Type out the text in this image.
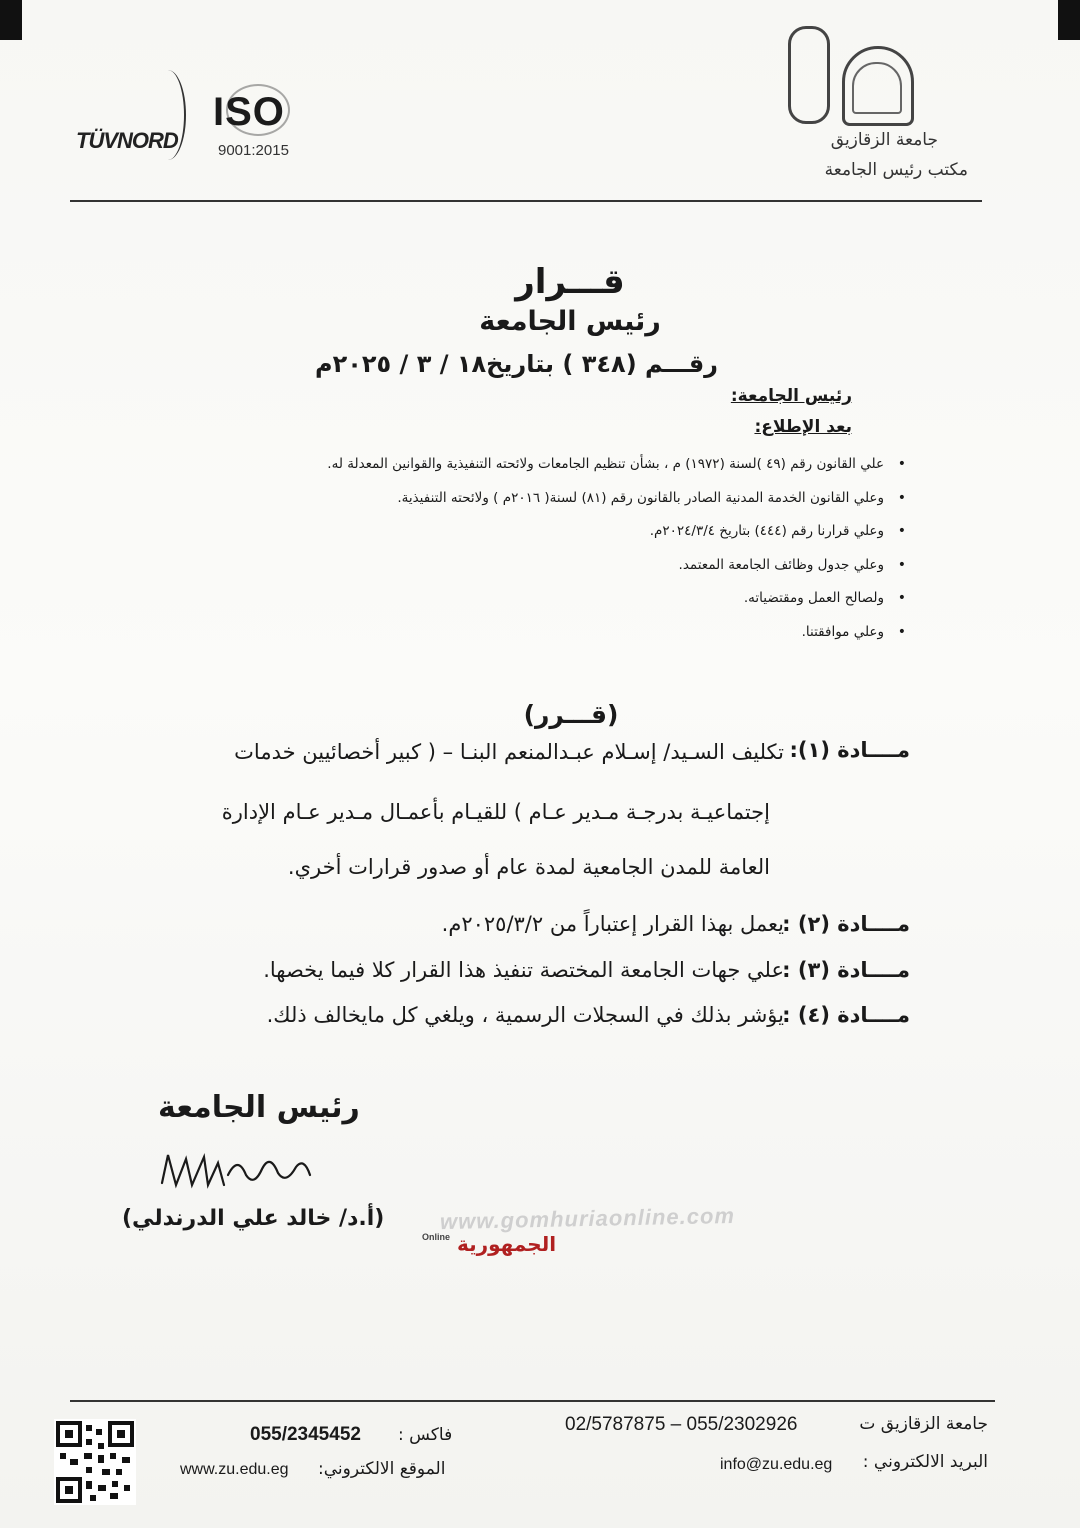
TÜVNORD
ISO
9001:2015
جامعة الزقازيق
مكتب رئيس الجامعة
قـــرار
رئيس الجامعة
رقـــم (٣٤٨ ) بتاريخ١٨ / ٣ / ٢٠٢٥م
رئيس الجامعة:
بعد الإطلاع:
• علي القانون رقم (٤٩ )لسنة (١٩٧٢) م ، بشأن تنظيم الجامعات ولائحته التنفيذية والقوانين المعدلة له.
• وعلي القانون الخدمة المدنية الصادر بالقانون رقم (٨١) لسنة( ٢٠١٦م ) ولائحته التنفيذية.
• وعلي قرارنا رقم (٤٤٤) بتاريخ ٢٠٢٤/٣/٤م.
• وعلي جدول وظائف الجامعة المعتمد.
• ولصالح العمل ومقتضياته.
• وعلي موافقتنا.
(قـــرر)
مــــادة (١):
تكليف السـيد/ إسـلام عبـدالمنعم البنـا – ( كبير أخصائيين خدمات
إجتماعيـة بدرجـة مـدير عـام ) للقيـام بأعمـال مـدير عـام الإدارة
العامة للمدن الجامعية لمدة عام أو صدور قرارات أخري.
مــــادة (٢) :
يعمل بهذا القرار إعتباراً من ٢٠٢٥/٣/٢م.
مــــادة (٣) :
علي جهات الجامعة المختصة تنفيذ هذا القرار كلا فيما يخصها.
مــــادة (٤) :
يؤشر بذلك في السجلات الرسمية ، ويلغي كل مايخالف ذلك.
رئيس الجامعة
(أ.د/ خالد علي الدرندلي)	www.gomhuriaonline.com
$^{Online}$ الجمهورية
فاكس :
055/2345452
الموقع الالكتروني:
www.zu.edu.eg
02/5787875 – 055/2302926	جامعة الزقازيق ت
البريد الالكتروني :
info@zu.edu.eg
